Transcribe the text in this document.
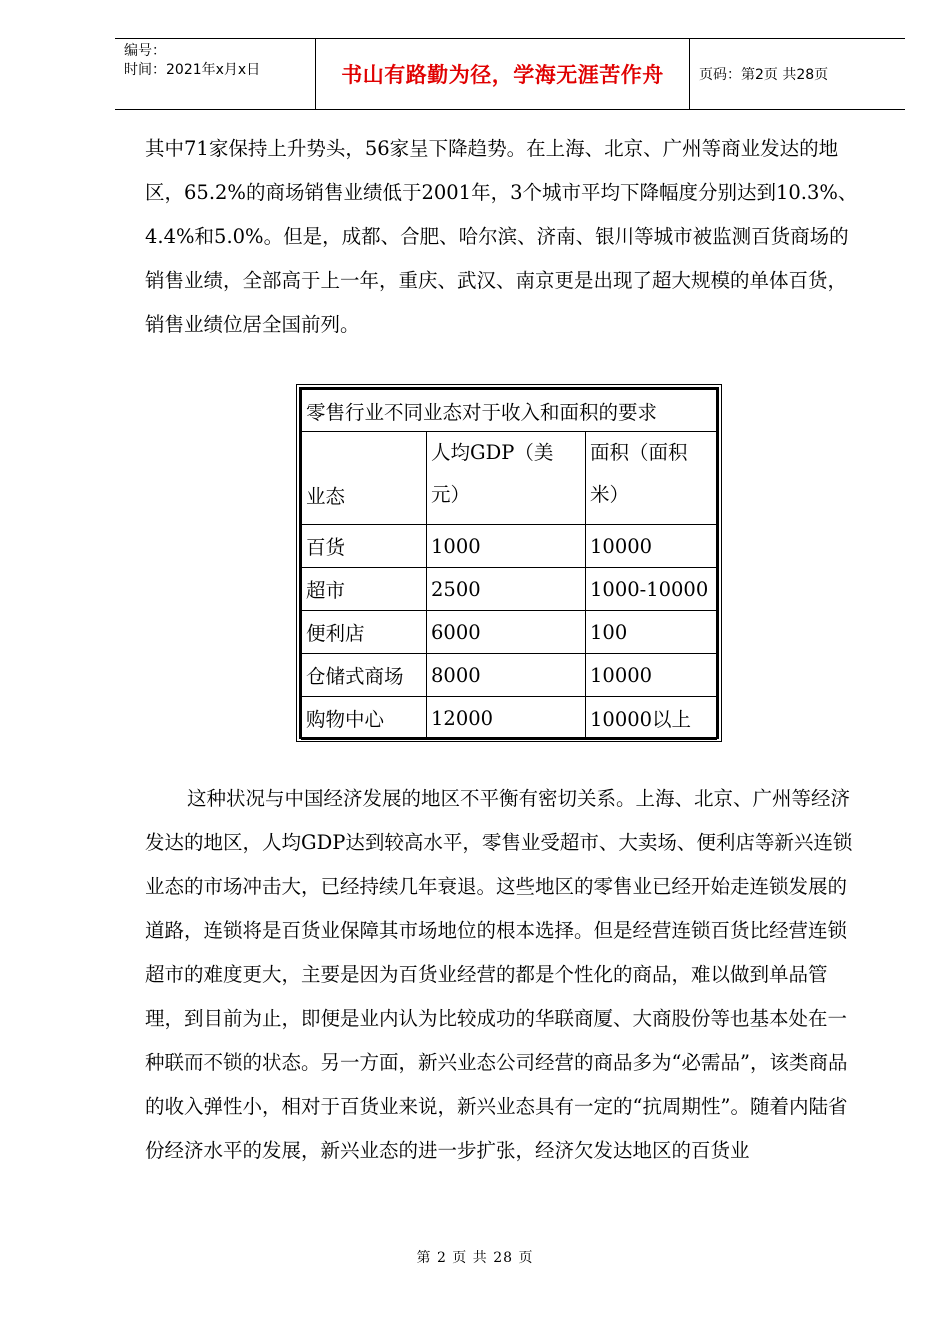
编号：
时间：2021年x月x日	书山有路勤为径，学海无涯苦作舟	页码：第2页 共28页
其中71家保持上升势头，56家呈下降趋势。在上海、北京、广州等商业发达的地区，65.2%的商场销售业绩低于2001年，3个城市平均下降幅度分别达到10.3%、4.4%和5.0%。但是，成都、合肥、哈尔滨、济南、银川等城市被监测百货商场的销售业绩，全部高于上一年，重庆、武汉、南京更是出现了超大规模的单体百货，销售业绩位居全国前列。
零售行业不同业态对于收入和面积的要求		
业态	人均GDP（美元）	面积（面积米）
百货	1000	10000
超市	2500	1000-10000
便利店	6000	100
仓储式商场	8000	10000
购物中心	12000	10000以上
这种状况与中国经济发展的地区不平衡有密切关系。上海、北京、广州等经济发达的地区，人均GDP达到较高水平，零售业受超市、大卖场、便利店等新兴连锁业态的市场冲击大，已经持续几年衰退。这些地区的零售业已经开始走连锁发展的道路，连锁将是百货业保障其市场地位的根本选择。但是经营连锁百货比经营连锁超市的难度更大，主要是因为百货业经营的都是个性化的商品，难以做到单品管理，到目前为止，即便是业内认为比较成功的华联商厦、大商股份等也基本处在一种联而不锁的状态。另一方面，新兴业态公司经营的商品多为“必需品”，该类商品的收入弹性小，相对于百货业来说，新兴业态具有一定的“抗周期性”。随着内陆省份经济水平的发展，新兴业态的进一步扩张，经济欠发达地区的百货业
第 2 页 共 28 页
